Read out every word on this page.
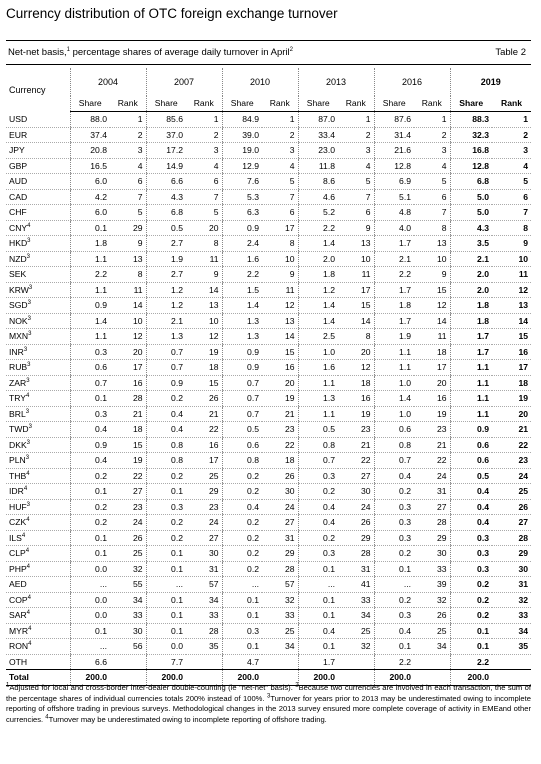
Currency distribution of OTC foreign exchange turnover
Net-net basis,$^1$ percentage shares of average daily turnover in April$^2$	Table 2
Currency	2004		2007		2010		2013		2016		2019	
	Share	Rank	Share	Rank	Share	Rank	Share	Rank	Share	Rank	Share	Rank
USD	88.0	1	85.6	1	84.9	1	87.0	1	87.6	1	88.3	1
EUR	37.4	2	37.0	2	39.0	2	33.4	2	31.4	2	32.3	2
JPY	20.8	3	17.2	3	19.0	3	23.0	3	21.6	3	16.8	3
GBP	16.5	4	14.9	4	12.9	4	11.8	4	12.8	4	12.8	4
AUD	6.0	6	6.6	6	7.6	5	8.6	5	6.9	5	6.8	5
CAD	4.2	7	4.3	7	5.3	7	4.6	7	5.1	6	5.0	6
CHF	6.0	5	6.8	5	6.3	6	5.2	6	4.8	7	5.0	7
CNY$^4$	0.1	29	0.5	20	0.9	17	2.2	9	4.0	8	4.3	8
HKD$^3$	1.8	9	2.7	8	2.4	8	1.4	13	1.7	13	3.5	9
NZD$^3$	1.1	13	1.9	11	1.6	10	2.0	10	2.1	10	2.1	10
SEK	2.2	8	2.7	9	2.2	9	1.8	11	2.2	9	2.0	11
KRW$^3$	1.1	11	1.2	14	1.5	11	1.2	17	1.7	15	2.0	12
SGD$^3$	0.9	14	1.2	13	1.4	12	1.4	15	1.8	12	1.8	13
NOK$^3$	1.4	10	2.1	10	1.3	13	1.4	14	1.7	14	1.8	14
MXN$^3$	1.1	12	1.3	12	1.3	14	2.5	8	1.9	11	1.7	15
INR$^3$	0.3	20	0.7	19	0.9	15	1.0	20	1.1	18	1.7	16
RUB$^3$	0.6	17	0.7	18	0.9	16	1.6	12	1.1	17	1.1	17
ZAR$^3$	0.7	16	0.9	15	0.7	20	1.1	18	1.0	20	1.1	18
TRY$^4$	0.1	28	0.2	26	0.7	19	1.3	16	1.4	16	1.1	19
BRL$^3$	0.3	21	0.4	21	0.7	21	1.1	19	1.0	19	1.1	20
TWD$^3$	0.4	18	0.4	22	0.5	23	0.5	23	0.6	23	0.9	21
DKK$^3$	0.9	15	0.8	16	0.6	22	0.8	21	0.8	21	0.6	22
PLN$^3$	0.4	19	0.8	17	0.8	18	0.7	22	0.7	22	0.6	23
THB$^4$	0.2	22	0.2	25	0.2	26	0.3	27	0.4	24	0.5	24
IDR$^4$	0.1	27	0.1	29	0.2	30	0.2	30	0.2	31	0.4	25
HUF$^3$	0.2	23	0.3	23	0.4	24	0.4	24	0.3	27	0.4	26
CZK$^4$	0.2	24	0.2	24	0.2	27	0.4	26	0.3	28	0.4	27
ILS$^4$	0.1	26	0.2	27	0.2	31	0.2	29	0.3	29	0.3	28
CLP$^4$	0.1	25	0.1	30	0.2	29	0.3	28	0.2	30	0.3	29
PHP$^4$	0.0	32	0.1	31	0.2	28	0.1	31	0.1	33	0.3	30
AED	...	55	...	57	...	57	...	41	...	39	0.2	31
COP$^4$	0.0	34	0.1	34	0.1	32	0.1	33	0.2	32	0.2	32
SAR$^4$	0.0	33	0.1	33	0.1	33	0.1	34	0.3	26	0.2	33
MYR$^4$	0.1	30	0.1	28	0.3	25	0.4	25	0.4	25	0.1	34
RON$^4$	...	56	0.0	35	0.1	34	0.1	32	0.1	34	0.1	35
OTH	6.6		7.7		4.7		1.7		2.2		2.2	
Total	200.0		200.0		200.0		200.0		200.0		200.0	
$^1$Adjusted for local and cross-border inter-dealer double-counting (ie "net-net" basis). $^2$Because two currencies are involved in each transaction, the sum of the percentage shares of individual currencies totals 200% instead of 100%. $^3$Turnover for years prior to 2013 may be underestimated owing to incomplete reporting of offshore trading in previous surveys. Methodological changes in the 2013 survey ensured more complete coverage of activity in EMEand other currencies. $^4$Turnover may be underestimated owing to incomplete reporting of offshore trading.
